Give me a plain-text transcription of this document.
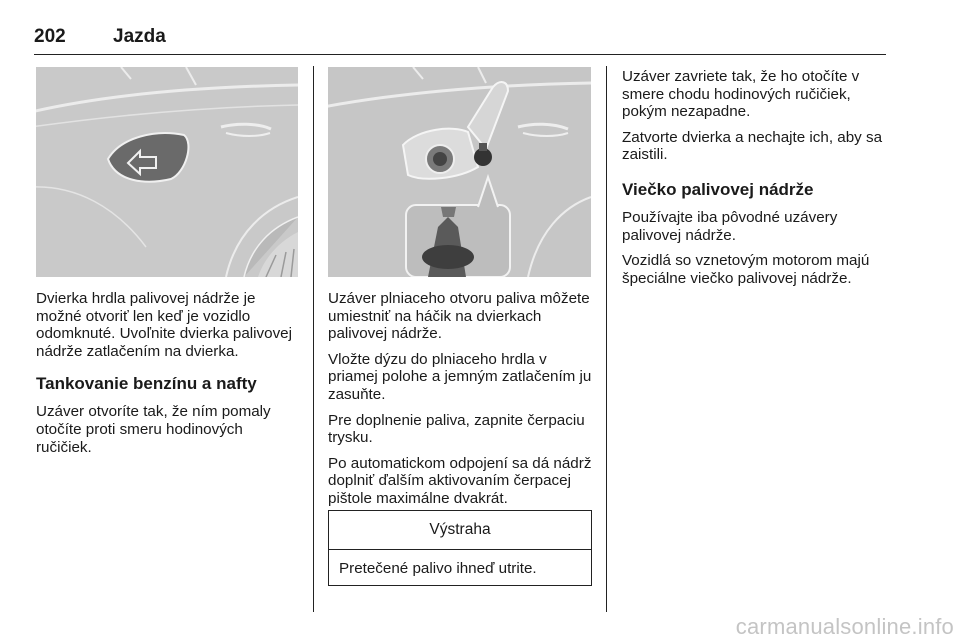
202 Jazda

Dvierka hrdla palivovej nádrže je možné otvoriť len keď je vozidlo odomknuté. Uvoľnite dvierka palivovej nádrže zatlačením na dvierka.

Tankovanie benzínu a nafty

Uzáver otvoríte tak, že ním pomaly otočíte proti smeru hodinových ručičiek.

Uzáver plniaceho otvoru paliva môžete umiestniť na háčik na dvierkach palivovej nádrže.

Vložte dýzu do plniaceho hrdla v priamej polohe a jemným zatlačením ju zasuňte.

Pre doplnenie paliva, zapnite čerpaciu trysku.

Po automatickom odpojení sa dá nádrž doplniť ďalším aktivovaním čerpacej pištole maximálne dvakrát.

Výstraha
Pretečené palivo ihneď utrite.

Uzáver zavriete tak, že ho otočíte v smere chodu hodinových ručičiek, pokým nezapadne.

Zatvorte dvierka a nechajte ich, aby sa zaistili.

Viečko palivovej nádrže

Používajte iba pôvodné uzávery palivovej nádrže.

Vozidlá so vznetovým motorom majú špeciálne viečko palivovej nádrže.

carmanualsonline.info
